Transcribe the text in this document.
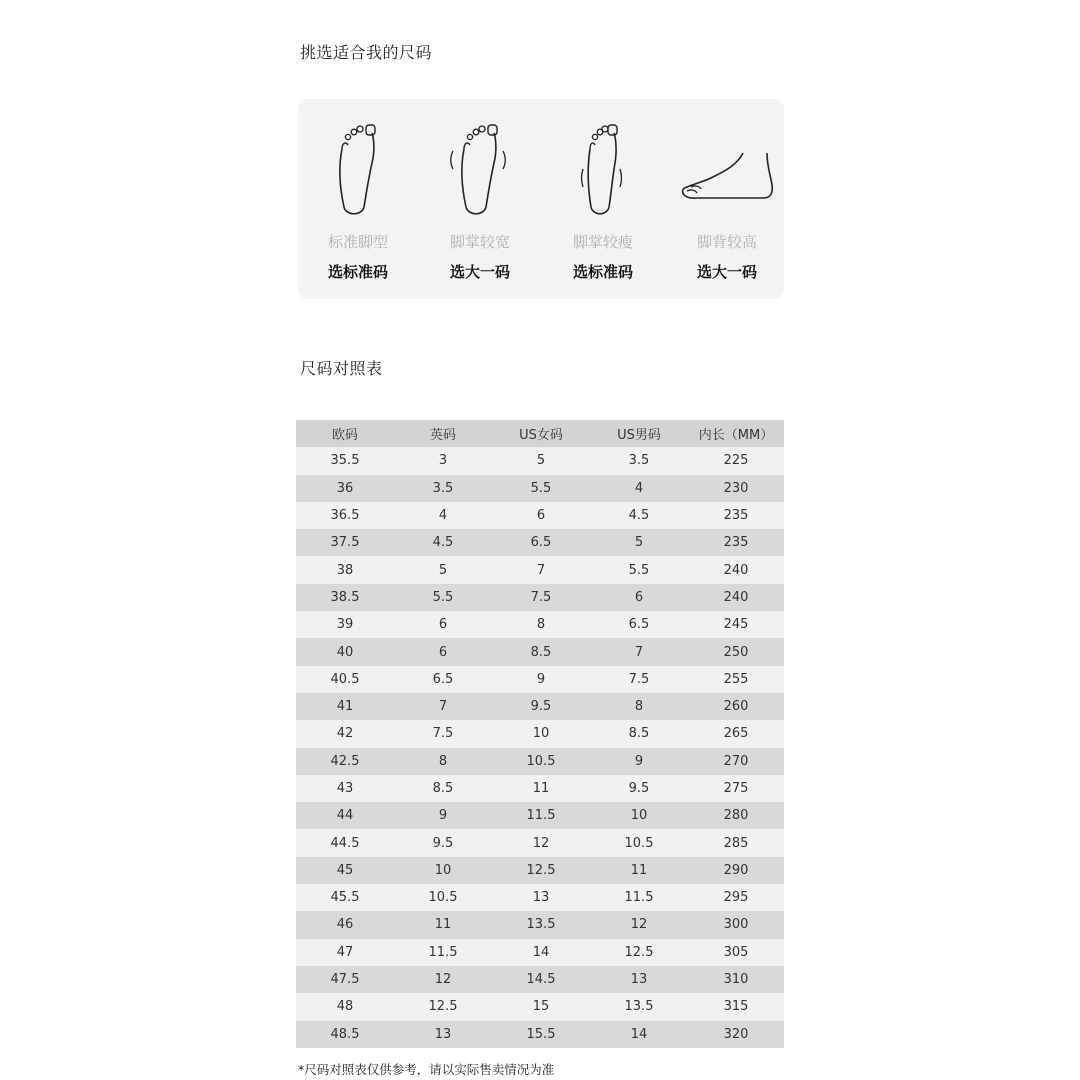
挑选适合我的尺码
标准脚型
选标准码
脚掌较宽
选大一码
脚掌较瘦
选标准码
脚背较高
选大一码
尺码对照表
欧码	英码	US女码	US男码	内长（MM）
35.5	3	5	3.5	225
36	3.5	5.5	4	230
36.5	4	6	4.5	235
37.5	4.5	6.5	5	235
38	5	7	5.5	240
38.5	5.5	7.5	6	240
39	6	8	6.5	245
40	6	8.5	7	250
40.5	6.5	9	7.5	255
41	7	9.5	8	260
42	7.5	10	8.5	265
42.5	8	10.5	9	270
43	8.5	11	9.5	275
44	9	11.5	10	280
44.5	9.5	12	10.5	285
45	10	12.5	11	290
45.5	10.5	13	11.5	295
46	11	13.5	12	300
47	11.5	14	12.5	305
47.5	12	14.5	13	310
48	12.5	15	13.5	315
48.5	13	15.5	14	320
*尺码对照表仅供参考，请以实际售卖情况为准
